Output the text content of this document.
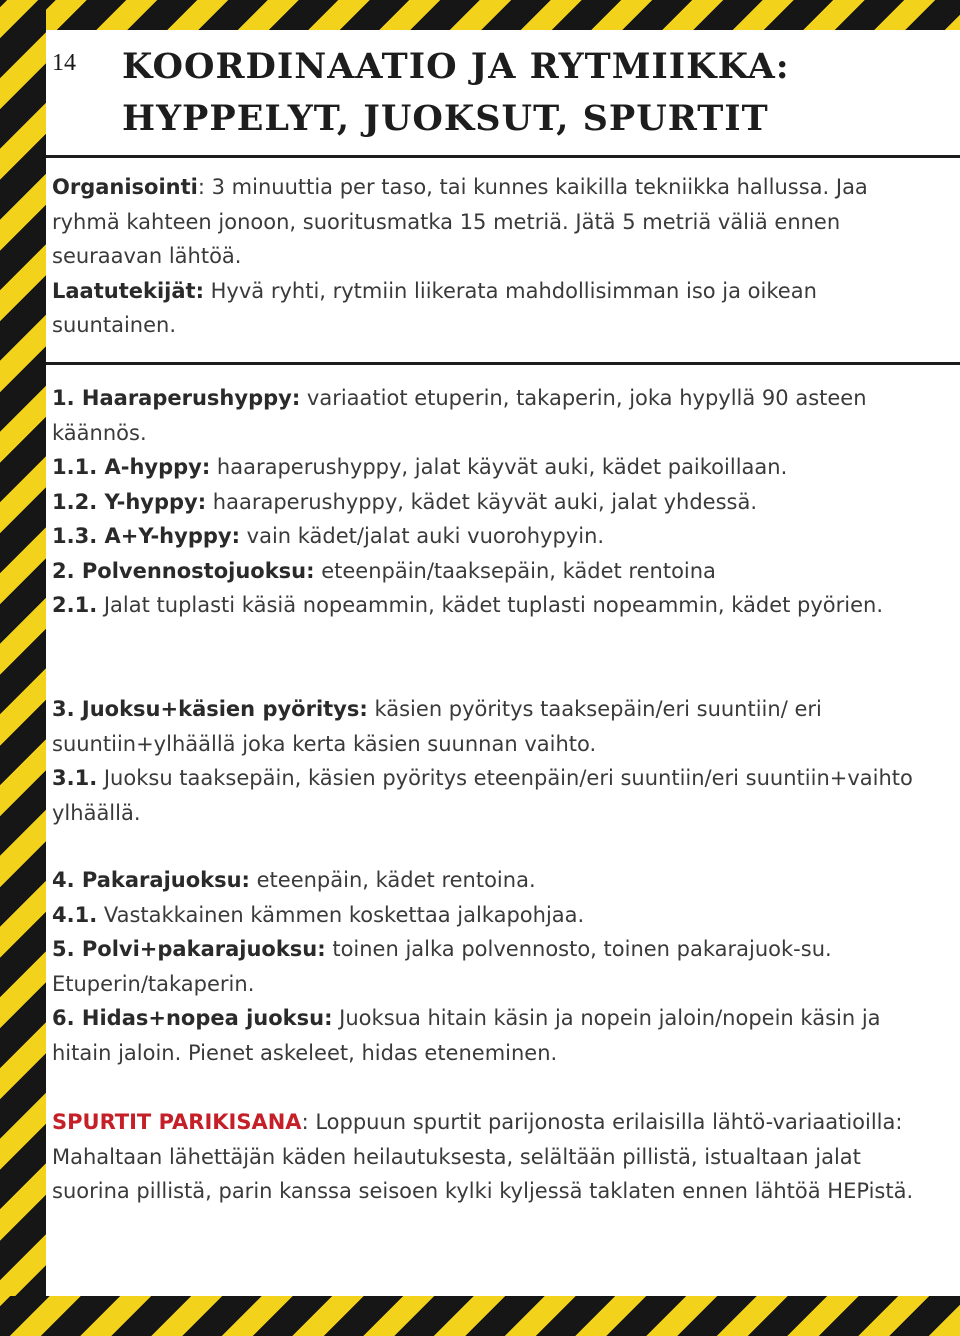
14 KOORDINAATIO JA RYTMIIKKA:
HYPPELYT, JUOKSUT, SPURTIT
Organisointi: 3 minuuttia per taso, tai kunnes kaikilla tekniikka hallussa. Jaa ryhmä kahteen jonoon, suoritusmatka 15 metriä. Jätä 5 metriä väliä ennen seuraavan lähtöä.
Laatutekijät: Hyvä ryhti, rytmiin liikerata mahdollisimman iso ja oikean suuntainen.
1. Haaraperushyppy: variaatiot etuperin, takaperin, joka hypyllä 90 asteen käännös.
1.1. A-hyppy: haaraperushyppy, jalat käyvät auki, kädet paikoillaan.
1.2. Y-hyppy: haaraperushyppy, kädet käyvät auki, jalat yhdessä.
1.3. A+Y-hyppy: vain kädet/jalat auki vuorohypyin.
2. Polvennostojuoksu: eteenpäin/taaksepäin, kädet rentoina
2.1. Jalat tuplasti käsiä nopeammin, kädet tuplasti nopeammin, kädet pyörien.
3. Juoksu+käsien pyöritys: käsien pyöritys taaksepäin/eri suuntiin/ eri suuntiin+ylhäällä joka kerta käsien suunnan vaihto.
3.1. Juoksu taaksepäin, käsien pyöritys eteenpäin/eri suuntiin/eri suuntiin+vaihto ylhäällä.
4. Pakarajuoksu: eteenpäin, kädet rentoina.
4.1. Vastakkainen kämmen koskettaa jalkapohjaa.
5. Polvi+pakarajuoksu: toinen jalka polvennosto, toinen pakarajuok-su. Etuperin/takaperin.
6. Hidas+nopea juoksu: Juoksua hitain käsin ja nopein jaloin/nopein käsin ja hitain jaloin. Pienet askeleet, hidas eteneminen.
SPURTIT PARIKISANA: Loppuun spurtit parijonosta erilaisilla lähtö-variaatioilla: Mahaltaan lähettäjän käden heilautuksesta, selältään pillistä, istualtaan jalat suorina pillistä, parin kanssa seisoen kylki kyljessä taklaten ennen lähtöä HEPistä.
